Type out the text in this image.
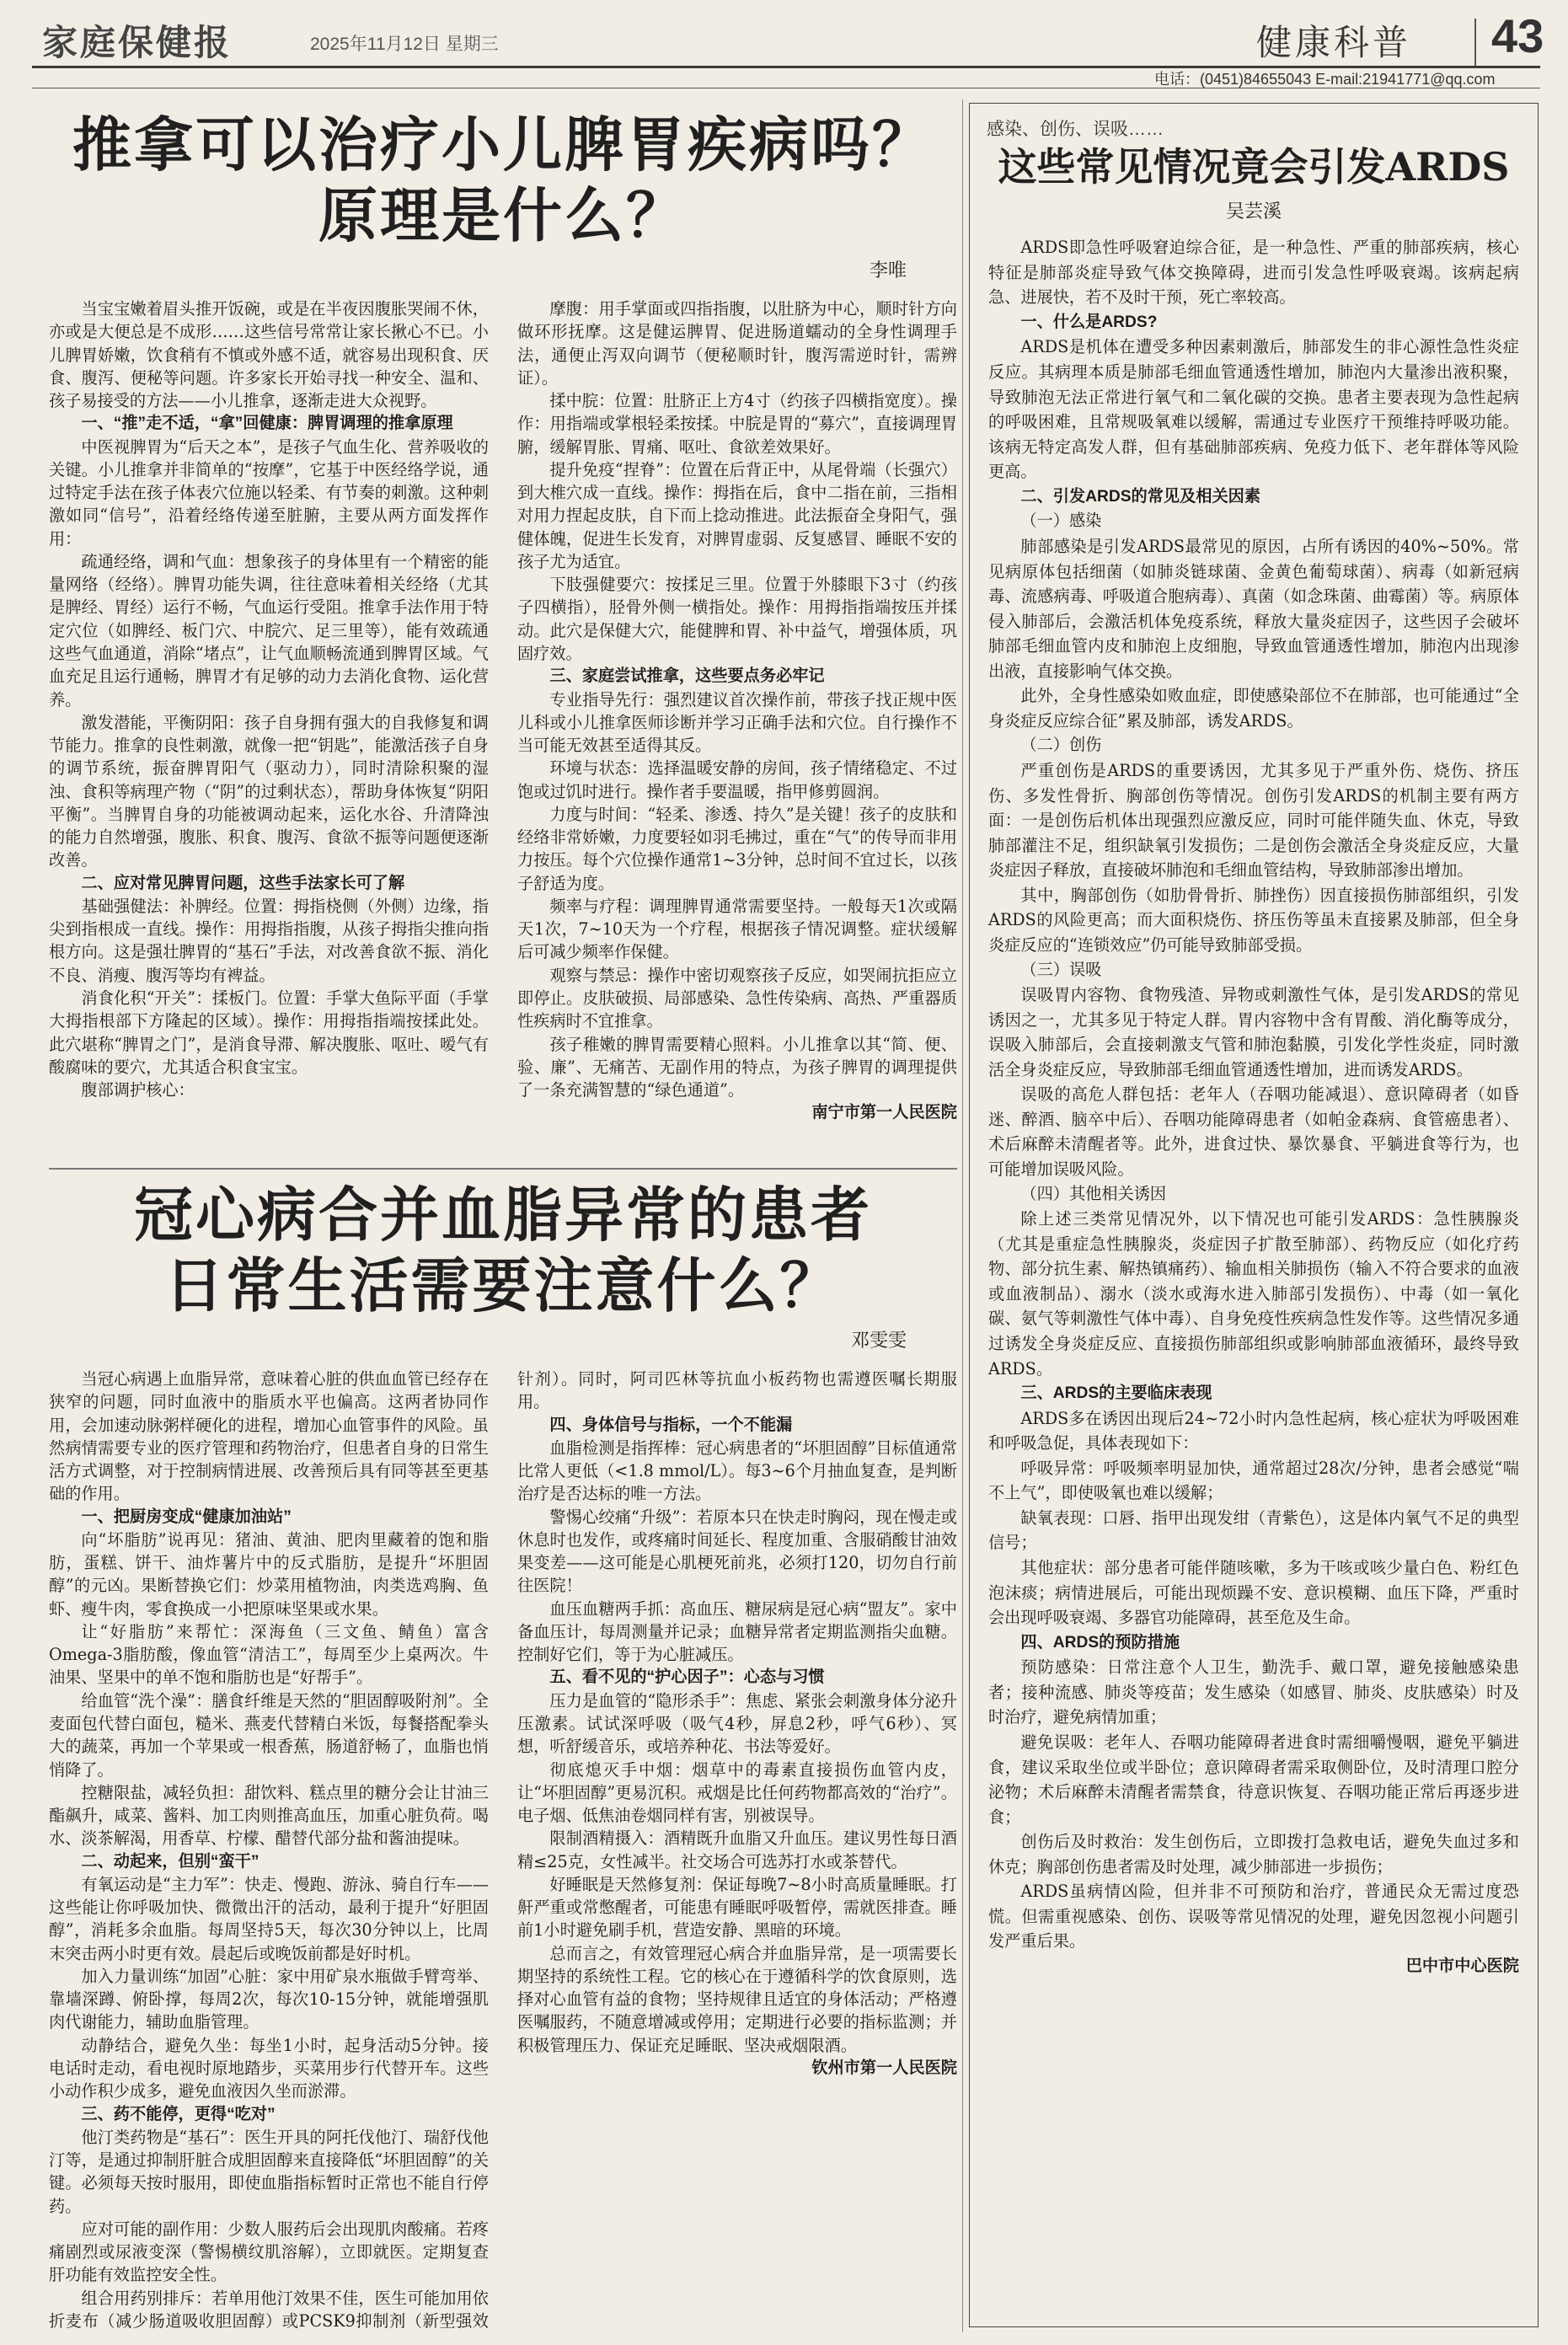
家庭保健报	2025年11月12日 星期三	健康科普 43
电话：(0451)84655043 E-mail:21941771@qq.com
推拿可以治疗小儿脾胃疾病吗？
原理是什么？
李唯

当宝宝嫩着眉头推开饭碗，或是在半夜因腹胀哭闹不休，亦或是大便总是不成形……这些信号常常让家长揪心不已。小儿脾胃娇嫩，饮食稍有不慎或外感不适，就容易出现积食、厌食、腹泻、便秘等问题。许多家长开始寻找一种安全、温和、孩子易接受的方法——小儿推拿，逐渐走进大众视野。

一、“推”走不适，“拿”回健康：脾胃调理的推拿原理

中医视脾胃为“后天之本”，是孩子气血生化、营养吸收的关键。小儿推拿并非简单的“按摩”，它基于中医经络学说，通过特定手法在孩子体表穴位施以轻柔、有节奏的刺激。这种刺激如同“信号”，沿着经络传递至脏腑，主要从两方面发挥作用：

疏通经络，调和气血：想象孩子的身体里有一个精密的能量网络（经络）。脾胃功能失调，往往意味着相关经络（尤其是脾经、胃经）运行不畅，气血运行受阻。推拿手法作用于特定穴位（如脾经、板门穴、中脘穴、足三里等），能有效疏通这些气血通道，消除“堵点”，让气血顺畅流通到脾胃区域。气血充足且运行通畅，脾胃才有足够的动力去消化食物、运化营养。

激发潜能，平衡阴阳：孩子自身拥有强大的自我修复和调节能力。推拿的良性刺激，就像一把“钥匙”，能激活孩子自身的调节系统，振奋脾胃阳气（驱动力），同时清除积聚的湿浊、食积等病理产物（“阴”的过剩状态），帮助身体恢复“阴阳平衡”。当脾胃自身的功能被调动起来，运化水谷、升清降浊的能力自然增强，腹胀、积食、腹泻、食欲不振等问题便逐渐改善。

二、应对常见脾胃问题，这些手法家长可了解

基础强健法：补脾经。位置：拇指桡侧（外侧）边缘，指尖到指根成一直线。操作：用拇指指腹，从孩子拇指尖推向指根方向。这是强壮脾胃的“基石”手法，对改善食欲不振、消化不良、消瘦、腹泻等均有裨益。

消食化积“开关”：揉板门。位置：手掌大鱼际平面（手掌大拇指根部下方隆起的区域）。操作：用拇指指端按揉此处。此穴堪称“脾胃之门”，是消食导滞、解决腹胀、呕吐、嗳气有酸腐味的要穴，尤其适合积食宝宝。

腹部调护核心：

摩腹：用手掌面或四指指腹，以肚脐为中心，顺时针方向做环形抚摩。这是健运脾胃、促进肠道蠕动的全身性调理手法，通便止泻双向调节（便秘顺时针，腹泻需逆时针，需辨证）。

揉中脘：位置：肚脐正上方4寸（约孩子四横指宽度）。操作：用指端或掌根轻柔按揉。中脘是胃的“募穴”，直接调理胃腑，缓解胃胀、胃痛、呕吐、食欲差效果好。

提升免疫“捏脊”：位置在后背正中，从尾骨端（长强穴）到大椎穴成一直线。操作：拇指在后，食中二指在前，三指相对用力捏起皮肤，自下而上捻动推进。此法振奋全身阳气，强健体魄，促进生长发育，对脾胃虚弱、反复感冒、睡眠不安的孩子尤为适宜。

下肢强健要穴：按揉足三里。位置于外膝眼下3寸（约孩子四横指），胫骨外侧一横指处。操作：用拇指指端按压并揉动。此穴是保健大穴，能健脾和胃、补中益气，增强体质，巩固疗效。

三、家庭尝试推拿，这些要点务必牢记

专业指导先行：强烈建议首次操作前，带孩子找正规中医儿科或小儿推拿医师诊断并学习正确手法和穴位。自行操作不当可能无效甚至适得其反。

环境与状态：选择温暖安静的房间，孩子情绪稳定、不过饱或过饥时进行。操作者手要温暖，指甲修剪圆润。

力度与时间：“轻柔、渗透、持久”是关键！孩子的皮肤和经络非常娇嫩，力度要轻如羽毛拂过，重在“气”的传导而非用力按压。每个穴位操作通常1~3分钟，总时间不宜过长，以孩子舒适为度。

频率与疗程：调理脾胃通常需要坚持。一般每天1次或隔天1次，7~10天为一个疗程，根据孩子情况调整。症状缓解后可减少频率作保健。

观察与禁忌：操作中密切观察孩子反应，如哭闹抗拒应立即停止。皮肤破损、局部感染、急性传染病、高热、严重器质性疾病时不宜推拿。

孩子稚嫩的脾胃需要精心照料。小儿推拿以其“简、便、验、廉”、无痛苦、无副作用的特点，为孩子脾胃的调理提供了一条充满智慧的“绿色通道”。

南宁市第一人民医院

冠心病合并血脂异常的患者
日常生活需要注意什么？
邓雯雯

当冠心病遇上血脂异常，意味着心脏的供血血管已经存在狭窄的问题，同时血液中的脂质水平也偏高。这两者协同作用，会加速动脉粥样硬化的进程，增加心血管事件的风险。虽然病情需要专业的医疗管理和药物治疗，但患者自身的日常生活方式调整，对于控制病情进展、改善预后具有同等甚至更基础的作用。

一、把厨房变成“健康加油站”

向“坏脂肪”说再见：猪油、黄油、肥肉里藏着的饱和脂肪，蛋糕、饼干、油炸薯片中的反式脂肪，是提升“坏胆固醇”的元凶。果断替换它们：炒菜用植物油，肉类选鸡胸、鱼虾、瘦牛肉，零食换成一小把原味坚果或水果。

让“好脂肪”来帮忙：深海鱼（三文鱼、鲭鱼）富含Omega-3脂肪酸，像血管“清洁工”，每周至少上桌两次。牛油果、坚果中的单不饱和脂肪也是“好帮手”。

给血管“洗个澡”：膳食纤维是天然的“胆固醇吸附剂”。全麦面包代替白面包，糙米、燕麦代替精白米饭，每餐搭配拳头大的蔬菜，再加一个苹果或一根香蕉，肠道舒畅了，血脂也悄悄降了。

控糖限盐，减轻负担：甜饮料、糕点里的糖分会让甘油三酯飙升，咸菜、酱料、加工肉则推高血压，加重心脏负荷。喝水、淡茶解渴，用香草、柠檬、醋替代部分盐和酱油提味。

二、动起来，但别“蛮干”

有氧运动是“主力军”：快走、慢跑、游泳、骑自行车——这些能让你呼吸加快、微微出汗的活动，最利于提升“好胆固醇”，消耗多余血脂。每周坚持5天，每次30分钟以上，比周末突击两小时更有效。晨起后或晚饭前都是好时机。

加入力量训练“加固”心脏：家中用矿泉水瓶做手臂弯举、靠墙深蹲、俯卧撑，每周2次，每次10-15分钟，就能增强肌肉代谢能力，辅助血脂管理。

动静结合，避免久坐：每坐1小时，起身活动5分钟。接电话时走动，看电视时原地踏步，买菜用步行代替开车。这些小动作积少成多，避免血液因久坐而淤滞。

三、药不能停，更得“吃对”

他汀类药物是“基石”：医生开具的阿托伐他汀、瑞舒伐他汀等，是通过抑制肝脏合成胆固醇来直接降低“坏胆固醇”的关键。必须每天按时服用，即使血脂指标暂时正常也不能自行停药。

应对可能的副作用：少数人服药后会出现肌肉酸痛。若疼痛剧烈或尿液变深（警惕横纹肌溶解），立即就医。定期复查肝功能有效监控安全性。

组合用药别排斥：若单用他汀效果不佳，医生可能加用依折麦布（减少肠道吸收胆固醇）或PCSK9抑制剂（新型强效针剂）。同时，阿司匹林等抗血小板药物也需遵医嘱长期服用。

四、身体信号与指标，一个不能漏

血脂检测是指挥棒：冠心病患者的“坏胆固醇”目标值通常比常人更低（<1.8 mmol/L）。每3~6个月抽血复查，是判断治疗是否达标的唯一方法。

警惕心绞痛“升级”：若原本只在快走时胸闷，现在慢走或休息时也发作，或疼痛时间延长、程度加重、含服硝酸甘油效果变差——这可能是心肌梗死前兆，必须打120，切勿自行前往医院！

血压血糖两手抓：高血压、糖尿病是冠心病“盟友”。家中备血压计，每周测量并记录；血糖异常者定期监测指尖血糖。控制好它们，等于为心脏减压。

五、看不见的“护心因子”：心态与习惯

压力是血管的“隐形杀手”：焦虑、紧张会刺激身体分泌升压激素。试试深呼吸（吸气4秒，屏息2秒，呼气6秒）、冥想，听舒缓音乐，或培养种花、书法等爱好。

彻底熄灭手中烟：烟草中的毒素直接损伤血管内皮，让“坏胆固醇”更易沉积。戒烟是比任何药物都高效的“治疗”。电子烟、低焦油卷烟同样有害，别被误导。

限制酒精摄入：酒精既升血脂又升血压。建议男性每日酒精≤25克，女性减半。社交场合可选苏打水或茶替代。

好睡眠是天然修复剂：保证每晚7~8小时高质量睡眠。打鼾严重或常憋醒者，可能患有睡眠呼吸暂停，需就医排查。睡前1小时避免刷手机，营造安静、黑暗的环境。

总而言之，有效管理冠心病合并血脂异常，是一项需要长期坚持的系统性工程。它的核心在于遵循科学的饮食原则，选择对心血管有益的食物；坚持规律且适宜的身体活动；严格遵医嘱服药，不随意增减或停用；定期进行必要的指标监测；并积极管理压力、保证充足睡眠、坚决戒烟限酒。

钦州市第一人民医院

感染、创伤、误吸……
这些常见情况竟会引发ARDS
吴芸溪

ARDS即急性呼吸窘迫综合征，是一种急性、严重的肺部疾病，核心特征是肺部炎症导致气体交换障碍，进而引发急性呼吸衰竭。该病起病急、进展快，若不及时干预，死亡率较高。

一、什么是ARDS?

ARDS是机体在遭受多种因素刺激后，肺部发生的非心源性急性炎症反应。其病理本质是肺部毛细血管通透性增加，肺泡内大量渗出液积聚，导致肺泡无法正常进行氧气和二氧化碳的交换。患者主要表现为急性起病的呼吸困难，且常规吸氧难以缓解，需通过专业医疗干预维持呼吸功能。该病无特定高发人群，但有基础肺部疾病、免疫力低下、老年群体等风险更高。

二、引发ARDS的常见及相关因素

（一）感染

肺部感染是引发ARDS最常见的原因，占所有诱因的40%~50%。常见病原体包括细菌（如肺炎链球菌、金黄色葡萄球菌）、病毒（如新冠病毒、流感病毒、呼吸道合胞病毒）、真菌（如念珠菌、曲霉菌）等。病原体侵入肺部后，会激活机体免疫系统，释放大量炎症因子，这些因子会破坏肺部毛细血管内皮和肺泡上皮细胞，导致血管通透性增加，肺泡内出现渗出液，直接影响气体交换。

此外，全身性感染如败血症，即使感染部位不在肺部，也可能通过“全身炎症反应综合征”累及肺部，诱发ARDS。

（二）创伤

严重创伤是ARDS的重要诱因，尤其多见于严重外伤、烧伤、挤压伤、多发性骨折、胸部创伤等情况。创伤引发ARDS的机制主要有两方面：一是创伤后机体出现强烈应激反应，同时可能伴随失血、休克，导致肺部灌注不足，组织缺氧引发损伤；二是创伤会激活全身炎症反应，大量炎症因子释放，直接破坏肺泡和毛细血管结构，导致肺部渗出增加。

其中，胸部创伤（如肋骨骨折、肺挫伤）因直接损伤肺部组织，引发ARDS的风险更高；而大面积烧伤、挤压伤等虽未直接累及肺部，但全身炎症反应的“连锁效应”仍可能导致肺部受损。

（三）误吸

误吸胃内容物、食物残渣、异物或刺激性气体，是引发ARDS的常见诱因之一，尤其多见于特定人群。胃内容物中含有胃酸、消化酶等成分，误吸入肺部后，会直接刺激支气管和肺泡黏膜，引发化学性炎症，同时激活全身炎症反应，导致肺部毛细血管通透性增加，进而诱发ARDS。

误吸的高危人群包括：老年人（吞咽功能减退）、意识障碍者（如昏迷、醉酒、脑卒中后）、吞咽功能障碍患者（如帕金森病、食管癌患者）、术后麻醉未清醒者等。此外，进食过快、暴饮暴食、平躺进食等行为，也可能增加误吸风险。

（四）其他相关诱因

除上述三类常见情况外，以下情况也可能引发ARDS：急性胰腺炎（尤其是重症急性胰腺炎，炎症因子扩散至肺部）、药物反应（如化疗药物、部分抗生素、解热镇痛药）、输血相关肺损伤（输入不符合要求的血液或血液制品）、溺水（淡水或海水进入肺部引发损伤）、中毒（如一氧化碳、氨气等刺激性气体中毒）、自身免疫性疾病急性发作等。这些情况多通过诱发全身炎症反应、直接损伤肺部组织或影响肺部血液循环，最终导致ARDS。

三、ARDS的主要临床表现

ARDS多在诱因出现后24~72小时内急性起病，核心症状为呼吸困难和呼吸急促，具体表现如下：

呼吸异常：呼吸频率明显加快，通常超过28次/分钟，患者会感觉“喘不上气”，即使吸氧也难以缓解；

缺氧表现：口唇、指甲出现发绀（青紫色），这是体内氧气不足的典型信号；

其他症状：部分患者可能伴随咳嗽，多为干咳或咳少量白色、粉红色泡沫痰；病情进展后，可能出现烦躁不安、意识模糊、血压下降，严重时会出现呼吸衰竭、多器官功能障碍，甚至危及生命。

四、ARDS的预防措施

预防感染：日常注意个人卫生，勤洗手、戴口罩，避免接触感染患者；接种流感、肺炎等疫苗；发生感染（如感冒、肺炎、皮肤感染）时及时治疗，避免病情加重；

避免误吸：老年人、吞咽功能障碍者进食时需细嚼慢咽，避免平躺进食，建议采取坐位或半卧位；意识障碍者需采取侧卧位，及时清理口腔分泌物；术后麻醉未清醒者需禁食，待意识恢复、吞咽功能正常后再逐步进食；

创伤后及时救治：发生创伤后，立即拨打急救电话，避免失血过多和休克；胸部创伤患者需及时处理，减少肺部进一步损伤；

ARDS虽病情凶险，但并非不可预防和治疗，普通民众无需过度恐慌。但需重视感染、创伤、误吸等常见情况的处理，避免因忽视小问题引发严重后果。

巴中市中心医院
